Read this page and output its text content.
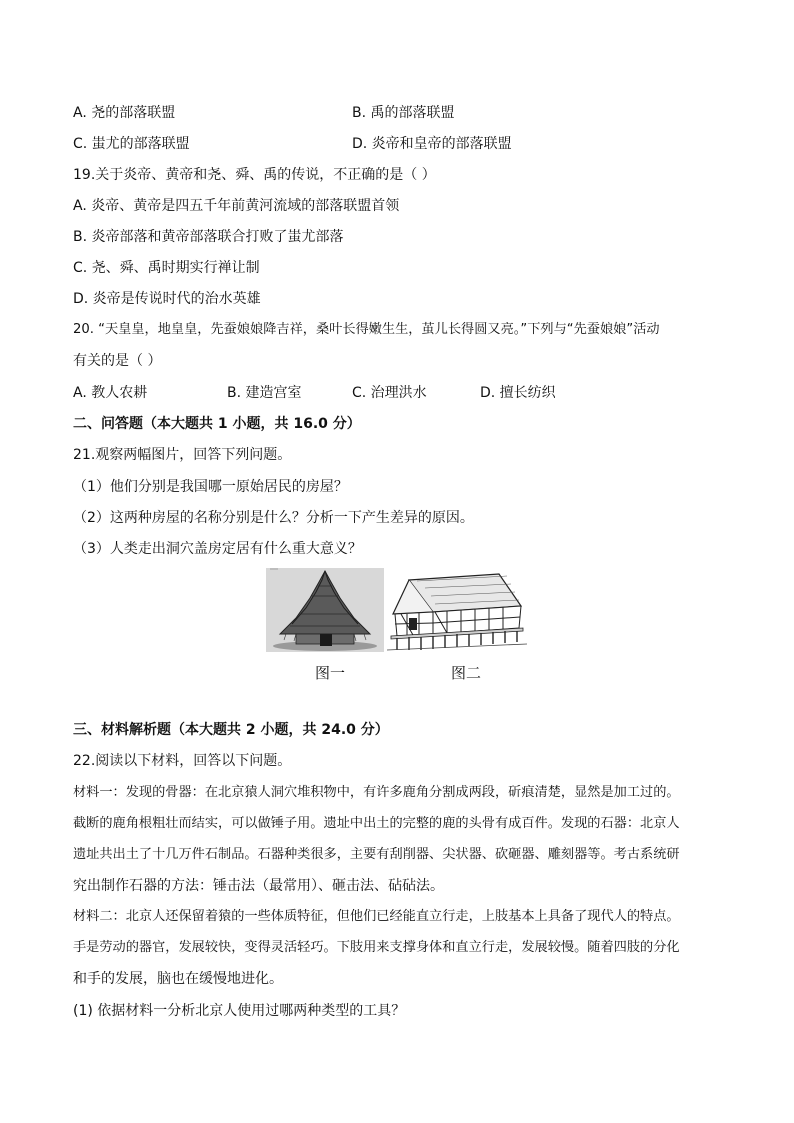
A. 尧的部落联盟	B. 禹的部落联盟
C. 蚩尤的部落联盟	D. 炎帝和皇帝的部落联盟
19.关于炎帝、黄帝和尧、舜、禹的传说，不正确的是（ ）
A. 炎帝、黄帝是四五千年前黄河流域的部落联盟首领
B. 炎帝部落和黄帝部落联合打败了蚩尤部落
C. 尧、舜、禹时期实行禅让制
D. 炎帝是传说时代的治水英雄
20. “天皇皇，地皇皇，先蚕娘娘降吉祥，桑叶长得嫩生生，茧儿长得圆又亮。”下列与“先蚕娘娘”活动
有关的是（ ）
A. 教人农耕	B. 建造宫室	C. 治理洪水	D. 擅长纺织
二、问答题（本大题共 1 小题，共 16.0 分）
21.观察两幅图片，回答下列问题。
（1）他们分别是我国哪一原始居民的房屋？
（2）这两种房屋的名称分别是什么？分析一下产生差异的原因。
（3）人类走出洞穴盖房定居有什么重大意义？
图一	图二
三、材料解析题（本大题共 2 小题，共 24.0 分）
22.阅读以下材料，回答以下问题。
材料一：发现的骨器：在北京猿人洞穴堆积物中，有许多鹿角分割成两段，斫痕清楚，显然是加工过的。
截断的鹿角根粗壮而结实，可以做锤子用。遗址中出土的完整的鹿的头骨有成百件。发现的石器：北京人
遗址共出土了十几万件石制品。石器种类很多，主要有刮削器、尖状器、砍砸器、雕刻器等。考古系统研
究出制作石器的方法：锤击法（最常用）、砸击法、砧砧法。
材料二：北京人还保留着猿的一些体质特征，但他们已经能直立行走，上肢基本上具备了现代人的特点。
手是劳动的器官，发展较快，变得灵活轻巧。下肢用来支撑身体和直立行走，发展较慢。随着四肢的分化
和手的发展，脑也在缓慢地进化。
(1) 依据材料一分析北京人使用过哪两种类型的工具？
